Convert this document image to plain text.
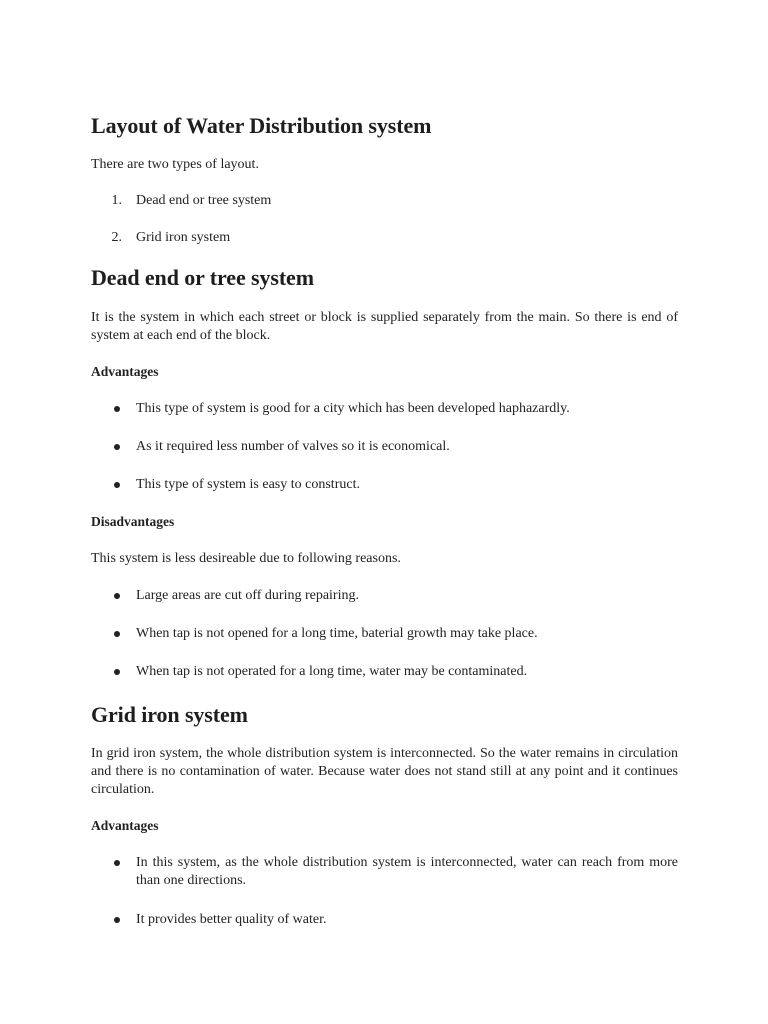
Layout of Water Distribution system

There are two types of layout.

1. Dead end or tree system
2. Grid iron system
Dead end or tree system

It is the system in which each street or block is supplied separately from the main. So there is end of system at each end of the block.

Advantages

This type of system is good for a city which has been developed haphazardly.
As it required less number of valves so it is economical.
This type of system is easy to construct.

Disadvantages

This system is less desireable due to following reasons.

Large areas are cut off during repairing.
When tap is not opened for a long time, baterial growth may take place.
When tap is not operated for a long time, water may be contaminated.
Grid iron system

In grid iron system, the whole distribution system is interconnected. So the water remains in circulation and there is no contamination of water. Because water does not stand still at any point and it continues circulation.

Advantages

In this system, as the whole distribution system is interconnected, water can reach from more than one directions.
It provides better quality of water.
